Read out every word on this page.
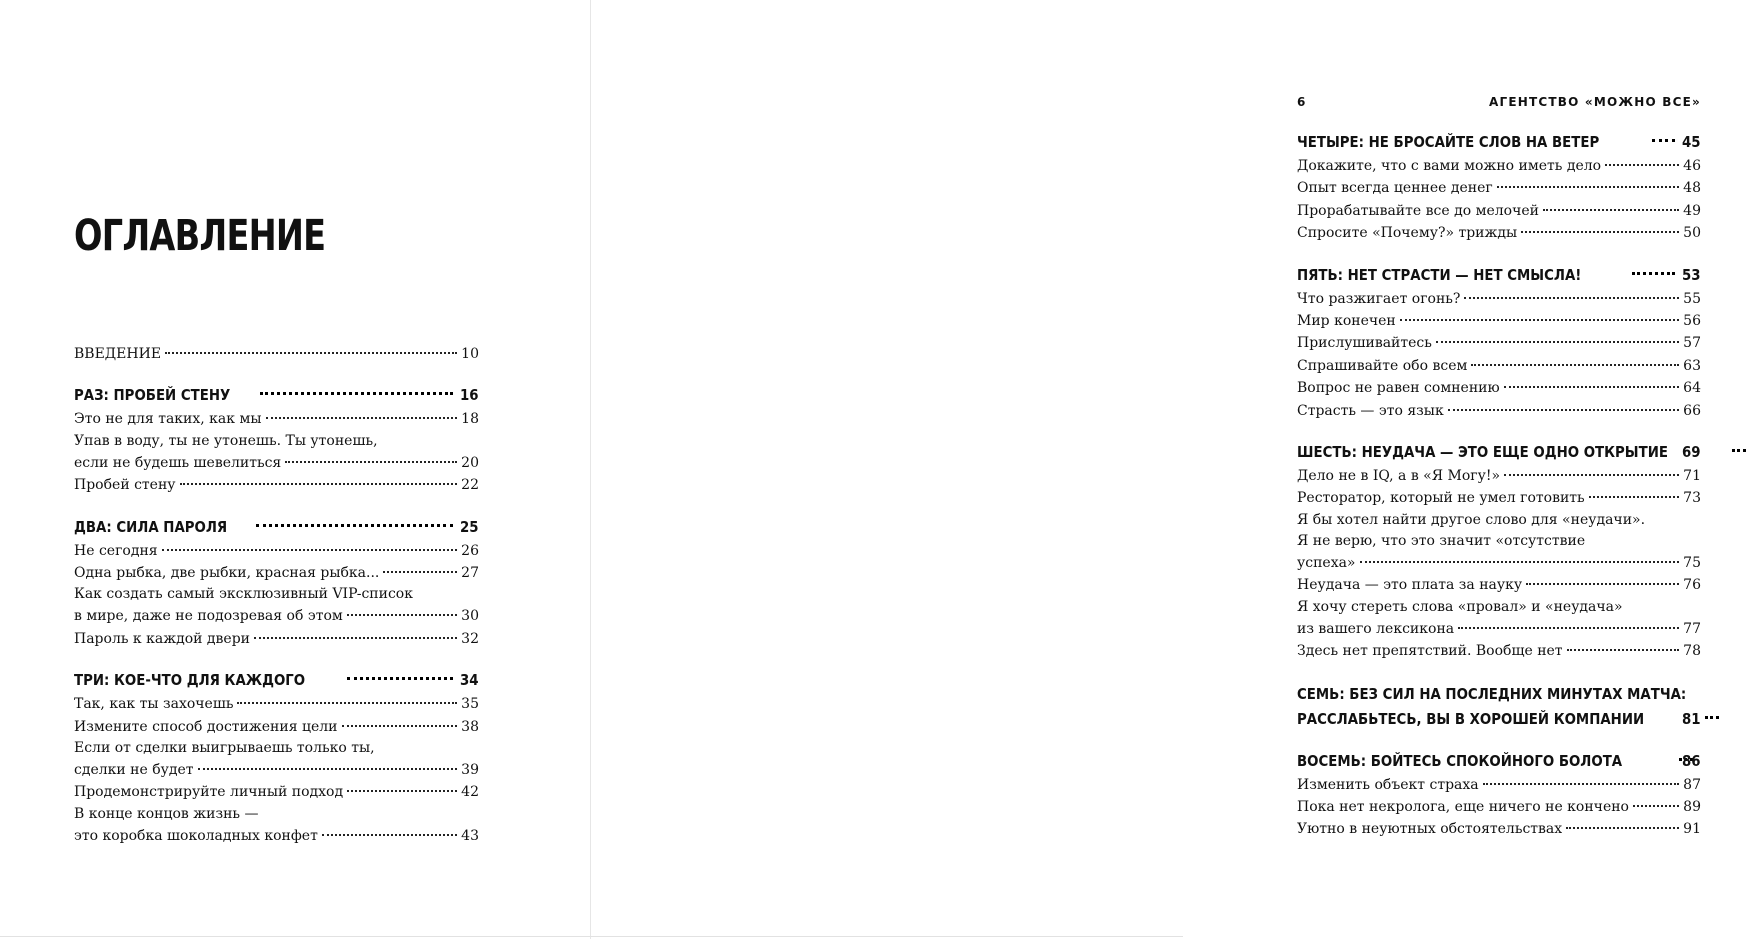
ОГЛАВЛЕНИЕ
ВВЕДЕНИЕ	10
РАЗ: ПРОБЕЙ СТЕНУ	16
Это не для таких, как мы	18
Упав в воду, ты не утонешь. Ты утонешь,
если не будешь шевелиться	20
Пробей стену	22
ДВА: СИЛА ПАРОЛЯ	25
Не сегодня	26
Одна рыбка, две рыбки, красная рыбка...	27
Как создать самый эксклюзивный VIP-список
в мире, даже не подозревая об этом	30
Пароль к каждой двери	32
ТРИ: КОЕ-ЧТО ДЛЯ КАЖДОГО	34
Так, как ты захочешь	35
Измените способ достижения цели	38
Если от сделки выигрываешь только ты,
сделки не будет	39
Продемонстрируйте личный подход	42
В конце концов жизнь —
это коробка шоколадных конфет	43
6	АГЕНТСТВО «МОЖНО ВСЕ»
ЧЕТЫРЕ: НЕ БРОСАЙТЕ СЛОВ НА ВЕТЕР	45
Докажите, что с вами можно иметь дело	46
Опыт всегда ценнее денег	48
Прорабатывайте все до мелочей	49
Спросите «Почему?» трижды	50
ПЯТЬ: НЕТ СТРАСТИ — НЕТ СМЫСЛА!	53
Что разжигает огонь?	55
Мир конечен	56
Прислушивайтесь	57
Спрашивайте обо всем	63
Вопрос не равен сомнению	64
Страсть — это язык	66
ШЕСТЬ: НЕУДАЧА — ЭТО ЕЩЕ ОДНО ОТКРЫТИЕ 69
Дело не в IQ, а в «Я Могу!»	71
Ресторатор, который не умел готовить	73
Я бы хотел найти другое слово для «неудачи».
Я не верю, что это значит «отсутствие
успеха»	75
Неудача — это плата за науку	76
Я хочу стереть слова «провал» и «неудача»
из вашего лексикона	77
Здесь нет препятствий. Вообще нет	78
СЕМЬ: БЕЗ СИЛ НА ПОСЛЕДНИХ МИНУТАХ МАТЧА:
РАССЛАБЬТЕСЬ, ВЫ В ХОРОШЕЙ КОМПАНИИ 81
ВОСЕМЬ: БОЙТЕСЬ СПОКОЙНОГО БОЛОТА	86
Изменить объект страха	87
Пока нет некролога, еще ничего не кончено	89
Уютно в неуютных обстоятельствах	91
